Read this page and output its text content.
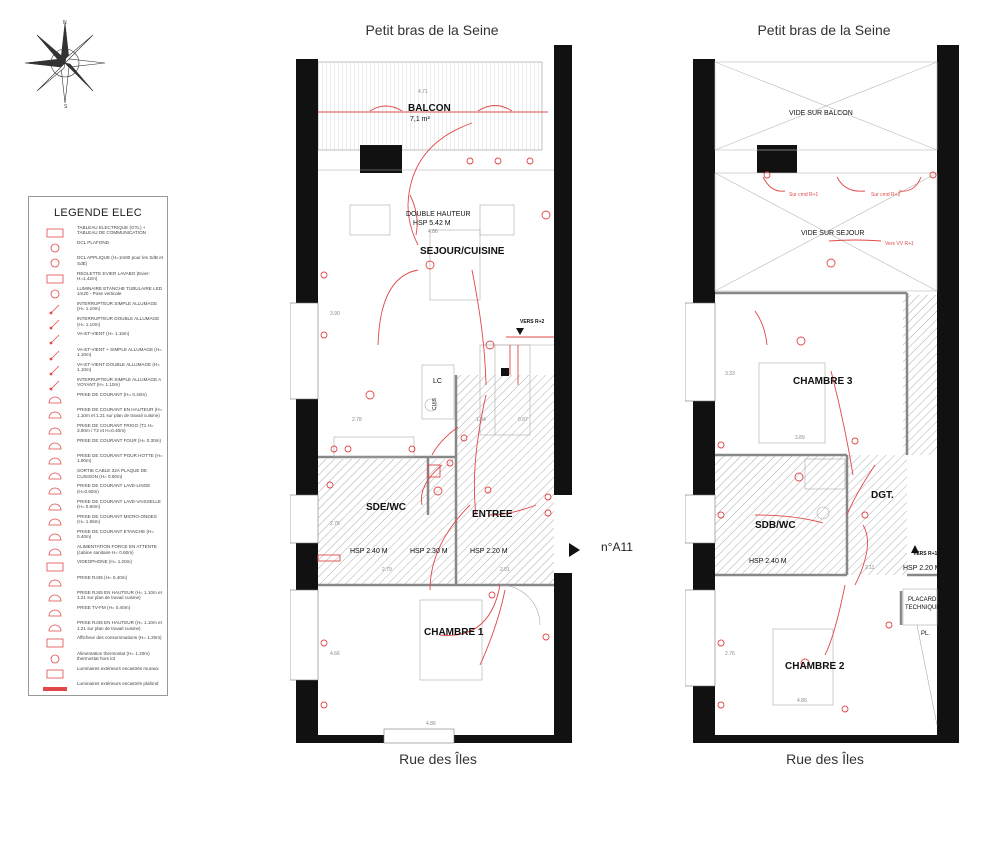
N
S
LEGENDE ELEC
TABLEAU ELECTRIQUE (GTL) + TABLEAU DE COMMUNICATION
DCL PLAFOND
DCL APPLIQUE (H=1m80 pour les SdB et SdE)
REGLETTE EVIER LAVABO (Evier: H=1.42m)
LUMINAIRE ETANCHE TUBULAIRE LED 1m20 - Pose verticale
INTERRUPTEUR SIMPLE ALLUMAGE (H= 1.10m)
INTERRUPTEUR DOUBLE ALLUMAGE (H= 1.10m)
VA-ET-VIENT (H= 1.10m)
VA-ET-VIENT + SIMPLE ALLUMAGE (H= 1.10m)
VA-ET-VIENT DOUBLE ALLUMAGE (H= 1.10m)
INTERRUPTEUR SIMPLE ALLUMAGE A VOYANT (H= 1.10m)
PRISE DE COURANT (H= 0.40m)
PRISE DE COURANT EN HAUTEUR (H= 1.10m et 1.21 sur plan de travail cuisine)
PRISE DE COURANT FRIGO (T1 H= 3.80m / T2 et H=0.40m)
PRISE DE COURANT FOUR (H= 0.30m)
PRISE DE COURANT POUR HOTTE (H= 1.90m)
SORTIE CABLE 32A PLAQUE DE CUISSON (H= 0.60m)
PRISE DE COURANT LAVE-LINGE (H=0.60m)
PRISE DE COURANT LAVE-VAISSELLE (H= 0.60m)
PRISE DE COURANT MICRO-ONDES (H= 1.65m)
PRISE DE COURANT ETANCHE (H= 0.40m)
ALIMENTATION FORCE EN ATTENTE (cabine sanitaire H= 0.60m)
VIDEOPHONE (H= 1.20m)
PRISE RJ45 (H= 0.40m)
PRISE RJ45 EN HAUTEUR (H= 1.10m et 1.21 sur plan de travail cuisine)
PRISE TV-FM (H= 0.40m)
PRISE RJ45 EN HAUTEUR (H= 1.10m et 1.21 sur plan de travail cuisine)
Afficheur des consommations (H= 1.20m)
Alimentation thermostat (H= 1.20m) thermostat hors lot
Luminaires extérieurs encastrés muraux
Luminaires extérieurs encastrés plafond
Petit bras de la Seine
Rue des Îles
Petit bras de la Seine
Rue des Îles
n°A11
4.71
4.86
2.78	1.04	0.97
2.76
2.79	2.01
3.90
4.66
4.86
BALCON
7,1 m²
DOUBLE HAUTEUR
HSP 5.42 M
SEJOUR/CUISINE
SDE/WC
ENTREE
CHAMBRE 1
HSP 2.40 M	HSP 2.30 M	HSP 2.20 M
HSP 2.25 M
VERS R+2
LC
CUIS
3.33
3.89
2.76
2.11
4.86
VIDE SUR BALCON
VIDE SUR SEJOUR
Sur cmd R+1	Sur cmd R+2
Vers VV R+1
CHAMBRE 3
DGT.
SDB/WC
HSP 2.40 M
HSP 2.20 M
VERS R+1
PLACARD
TECHNIQUE
PL.
CHAMBRE 2
